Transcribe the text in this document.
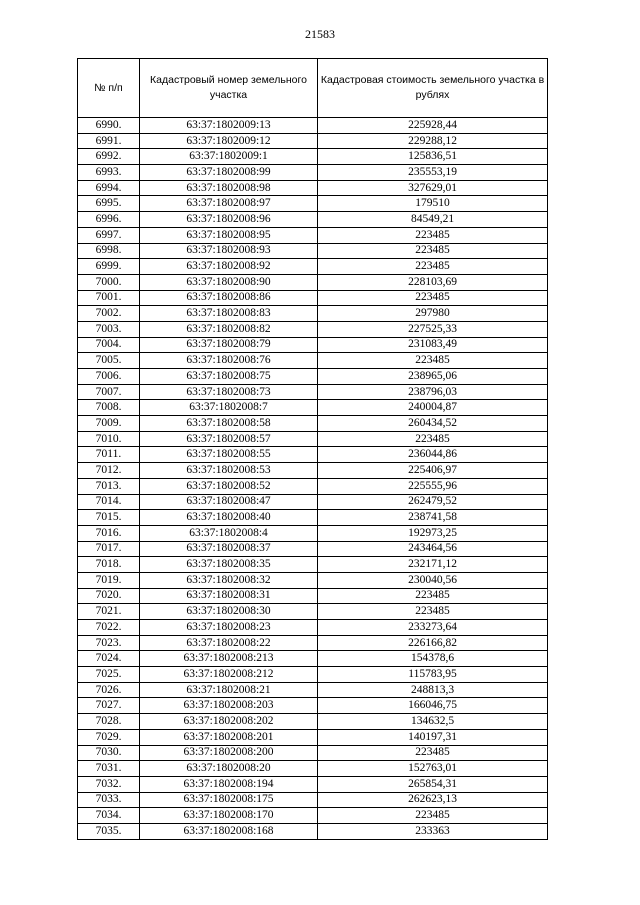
21583
№ п/п	Кадастровый номер земельного участка	Кадастровая стоимость земельного участка в рублях
6990.	63:37:1802009:13	225928,44
6991.	63:37:1802009:12	229288,12
6992.	63:37:1802009:1	125836,51
6993.	63:37:1802008:99	235553,19
6994.	63:37:1802008:98	327629,01
6995.	63:37:1802008:97	179510
6996.	63:37:1802008:96	84549,21
6997.	63:37:1802008:95	223485
6998.	63:37:1802008:93	223485
6999.	63:37:1802008:92	223485
7000.	63:37:1802008:90	228103,69
7001.	63:37:1802008:86	223485
7002.	63:37:1802008:83	297980
7003.	63:37:1802008:82	227525,33
7004.	63:37:1802008:79	231083,49
7005.	63:37:1802008:76	223485
7006.	63:37:1802008:75	238965,06
7007.	63:37:1802008:73	238796,03
7008.	63:37:1802008:7	240004,87
7009.	63:37:1802008:58	260434,52
7010.	63:37:1802008:57	223485
7011.	63:37:1802008:55	236044,86
7012.	63:37:1802008:53	225406,97
7013.	63:37:1802008:52	225555,96
7014.	63:37:1802008:47	262479,52
7015.	63:37:1802008:40	238741,58
7016.	63:37:1802008:4	192973,25
7017.	63:37:1802008:37	243464,56
7018.	63:37:1802008:35	232171,12
7019.	63:37:1802008:32	230040,56
7020.	63:37:1802008:31	223485
7021.	63:37:1802008:30	223485
7022.	63:37:1802008:23	233273,64
7023.	63:37:1802008:22	226166,82
7024.	63:37:1802008:213	154378,6
7025.	63:37:1802008:212	115783,95
7026.	63:37:1802008:21	248813,3
7027.	63:37:1802008:203	166046,75
7028.	63:37:1802008:202	134632,5
7029.	63:37:1802008:201	140197,31
7030.	63:37:1802008:200	223485
7031.	63:37:1802008:20	152763,01
7032.	63:37:1802008:194	265854,31
7033.	63:37:1802008:175	262623,13
7034.	63:37:1802008:170	223485
7035.	63:37:1802008:168	233363
